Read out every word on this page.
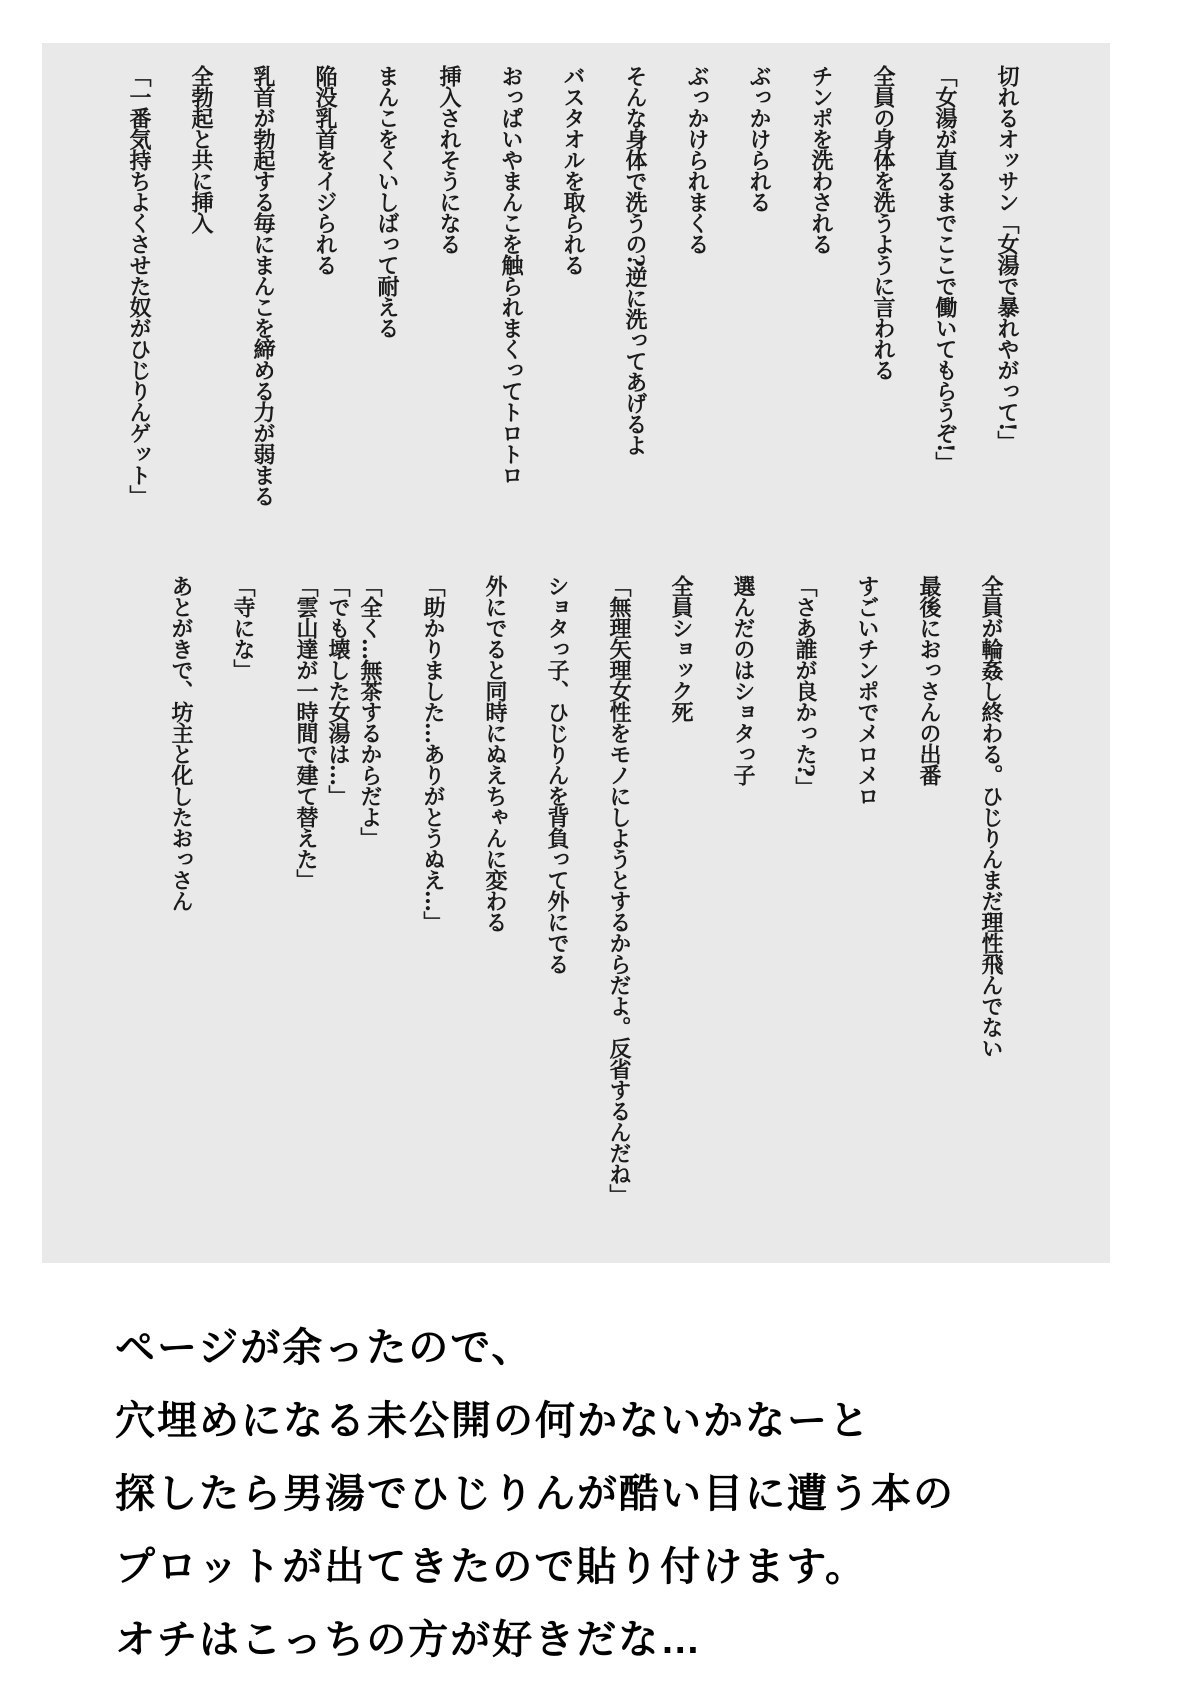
切れるオッサン「女湯で暴れやがって!」

「女湯が直るまでここで働いてもらうぞ!」

全員の身体を洗うように言われる

チンポを洗わされる

ぶっかけられる

ぶっかけられまくる

そんな身体で洗うの?逆に洗ってあげるよ

バスタオルを取られる

おっぱいやまんこを触られまくってトロトロ

挿入されそうになる

まんこをくいしばって耐える

陥没乳首をイジられる

乳首が勃起する毎にまんこを締める力が弱まる

全勃起と共に挿入

「一番気持ちよくさせた奴がひじりんゲット」

全員が輪姦し終わる。ひじりんまだ理性飛んでない

最後におっさんの出番

すごいチンポでメロメロ

「さあ誰が良かった?」

選んだのはショタっ子

全員ショック死

「無理矢理女性をモノにしようとするからだよ。反省するんだね」

ショタっ子、ひじりんを背負って外にでる

外にでると同時にぬえちゃんに変わる

「助かりました…ありがとうぬえ…」

「全く…無茶するからだよ」

「でも壊した女湯は…」

「雲山達が一時間で建て替えた」

「寺にな」

あとがきで、坊主と化したおっさん

ページが余ったので、

穴埋めになる未公開の何かないかなーと

探したら男湯でひじりんが酷い目に遭う本の

プロットが出てきたので貼り付けます。

オチはこっちの方が好きだな…
